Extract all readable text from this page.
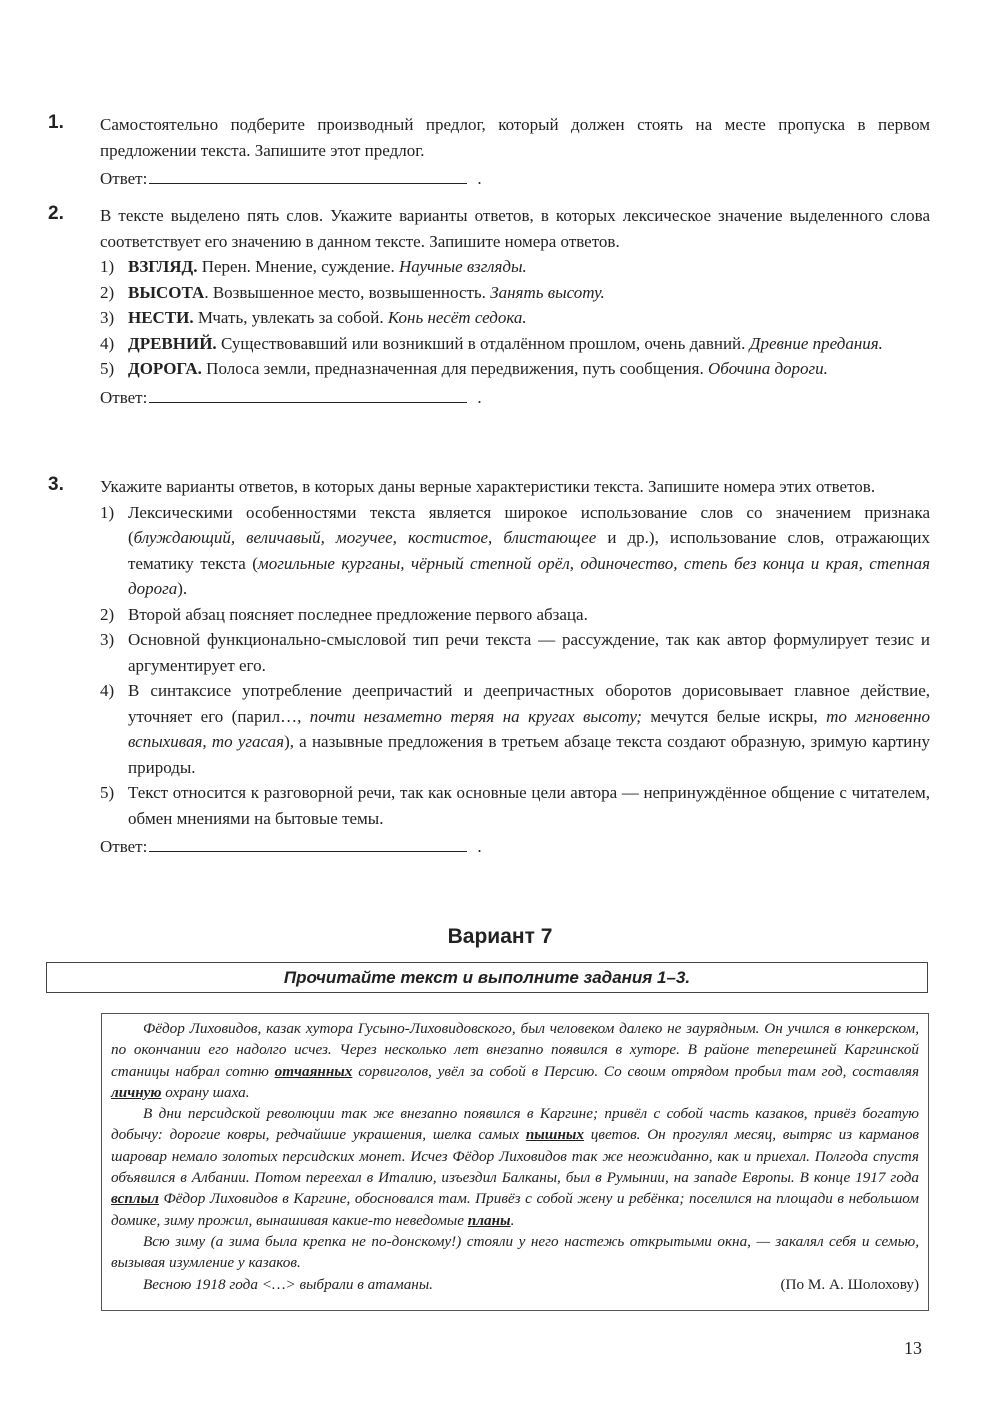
1. Самостоятельно подберите производный предлог, который должен стоять на месте пропуска в первом предложении текста. Запишите этот предлог.

Ответ:	.
2. В тексте выделено пять слов. Укажите варианты ответов, в которых лексическое значение выделенного слова соответствует его значению в данном тексте. Запишите номера ответов.

1) ВЗГЛЯД. Перен. Мнение, суждение. Научные взгляды.
2) ВЫСОТА. Возвышенное место, возвышенность. Занять высоту.
3) НЕСТИ. Мчать, увлекать за собой. Конь несёт седока.
4) ДРЕВНИЙ. Существовавший или возникший в отдалённом прошлом, очень давний. Древние предания.
5) ДОРОГА. Полоса земли, предназначенная для передвижения, путь сообщения. Обочина дороги.
Ответ:	.
3. Укажите варианты ответов, в которых даны верные характеристики текста. Запишите номера этих ответов.

1) Лексическими особенностями текста является широкое использование слов со значением признака (блуждающий, величавый, могучее, костистое, блистающее и др.), использование слов, отражающих тематику текста (могильные курганы, чёрный степной орёл, одиночество, степь без конца и края, степная дорога).
2) Второй абзац поясняет последнее предложение первого абзаца.
3) Основной функционально-смысловой тип речи текста — рассуждение, так как автор формулирует тезис и аргументирует его.
4) В синтаксисе употребление деепричастий и деепричастных оборотов дорисовывает главное действие, уточняет его (парил…, почти незаметно теряя на кругах высоту; мечутся белые искры, то мгновенно вспыхивая, то угасая), а назывные предложения в третьем абзаце текста создают образную, зримую картину природы.
5) Текст относится к разговорной речи, так как основные цели автора — непринуждённое общение с читателем, обмен мнениями на бытовые темы.
Ответ:	.
Вариант 7
Прочитайте текст и выполните задания 1–3.

Фёдор Лиховидов, казак хутора Гусыно-Лиховидовского, был человеком далеко не заурядным. Он учился в юнкерском, по окончании его надолго исчез. Через несколько лет внезапно появился в хуторе. В районе теперешней Каргинской станицы набрал сотню отчаянных сорвиголов, увёл за собой в Персию. Со своим отрядом пробыл там год, составляя личную охрану шаха.

В дни персидской революции так же внезапно появился в Каргине; привёл с собой часть казаков, привёз богатую добычу: дорогие ковры, редчайшие украшения, шелка самых пышных цветов. Он прогулял месяц, вытряс из карманов шаровар немало золотых персидских монет. Исчез Фёдор Лиховидов так же неожиданно, как и приехал. Полгода спустя объявился в Албании. Потом переехал в Италию, изъездил Балканы, был в Румынии, на западе Европы. В конце 1917 года всплыл Фёдор Лиховидов в Каргине, обосновался там. Привёз с собой жену и ребёнка; поселился на площади в небольшом домике, зиму прожил, вынашивая какие-то неведомые планы.

Всю зиму (а зима была крепка не по-донскому!) стояли у него настежь открытыми окна, — закалял себя и семью, вызывая изумление у казаков.

Весною 1918 года <…> выбрали в атаманы.	(По М. А. Шолохову)

13
